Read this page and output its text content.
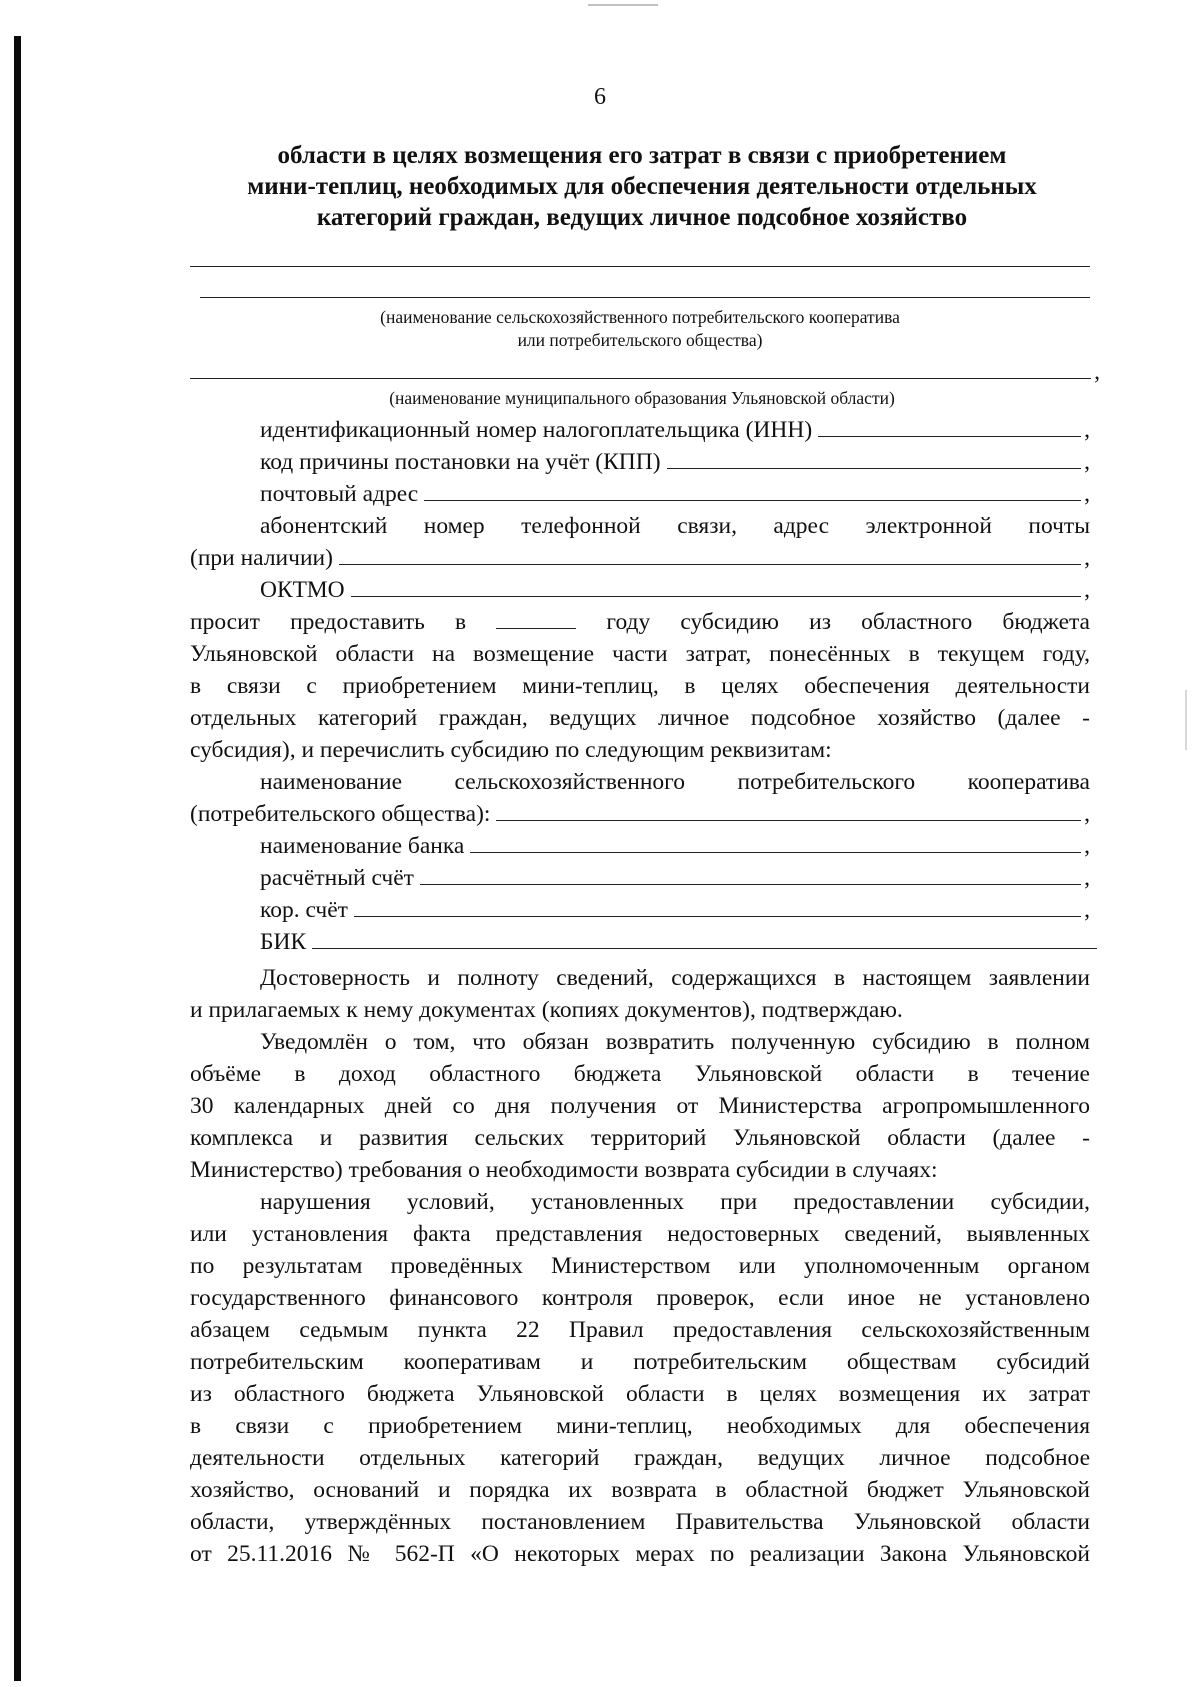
6
области в целях возмещения его затрат в связи с приобретением
мини-теплиц, необходимых для обеспечения деятельности отдельных
категорий граждан, ведущих личное подсобное хозяйство
(наименование сельскохозяйственного потребительского кооператива
или потребительского общества)
,
(наименование муниципального образования Ульяновской области)
идентификационный номер налогоплательщика (ИНН)	,
код причины постановки на учёт (КПП)	,
почтовый адрес	,
абонентский номер телефонной связи, адрес электронной почты
(при наличии)	,
ОКТМО	,
просит предоставить в	году субсидию из областного бюджета
Ульяновской области на возмещение части затрат, понесённых в текущем году,
в связи с приобретением мини-теплиц, в целях обеспечения деятельности
отдельных категорий граждан, ведущих личное подсобное хозяйство (далее -
субсидия), и перечислить субсидию по следующим реквизитам:
наименование сельскохозяйственного потребительского кооператива
(потребительского общества):	,
наименование банка	,
расчётный счёт	,
кор. счёт	,
БИК
Достоверность и полноту сведений, содержащихся в настоящем заявлении
и прилагаемых к нему документах (копиях документов), подтверждаю.
Уведомлён о том, что обязан возвратить полученную субсидию в полном
объёме в доход областного бюджета Ульяновской области в течение
30 календарных дней со дня получения от Министерства агропромышленного
комплекса и развития сельских территорий Ульяновской области (далее -
Министерство) требования о необходимости возврата субсидии в случаях:
нарушения условий, установленных при предоставлении субсидии,
или установления факта представления недостоверных сведений, выявленных
по результатам проведённых Министерством или уполномоченным органом
государственного финансового контроля проверок, если иное не установлено
абзацем седьмым пункта 22 Правил предоставления сельскохозяйственным
потребительским кооперативам и потребительским обществам субсидий
из областного бюджета Ульяновской области в целях возмещения их затрат
в связи с приобретением мини-теплиц, необходимых для обеспечения
деятельности отдельных категорий граждан, ведущих личное подсобное
хозяйство, оснований и порядка их возврата в областной бюджет Ульяновской
области, утверждённых постановлением Правительства Ульяновской области
от 25.11.2016 № 562-П «О некоторых мерах по реализации Закона Ульяновской
